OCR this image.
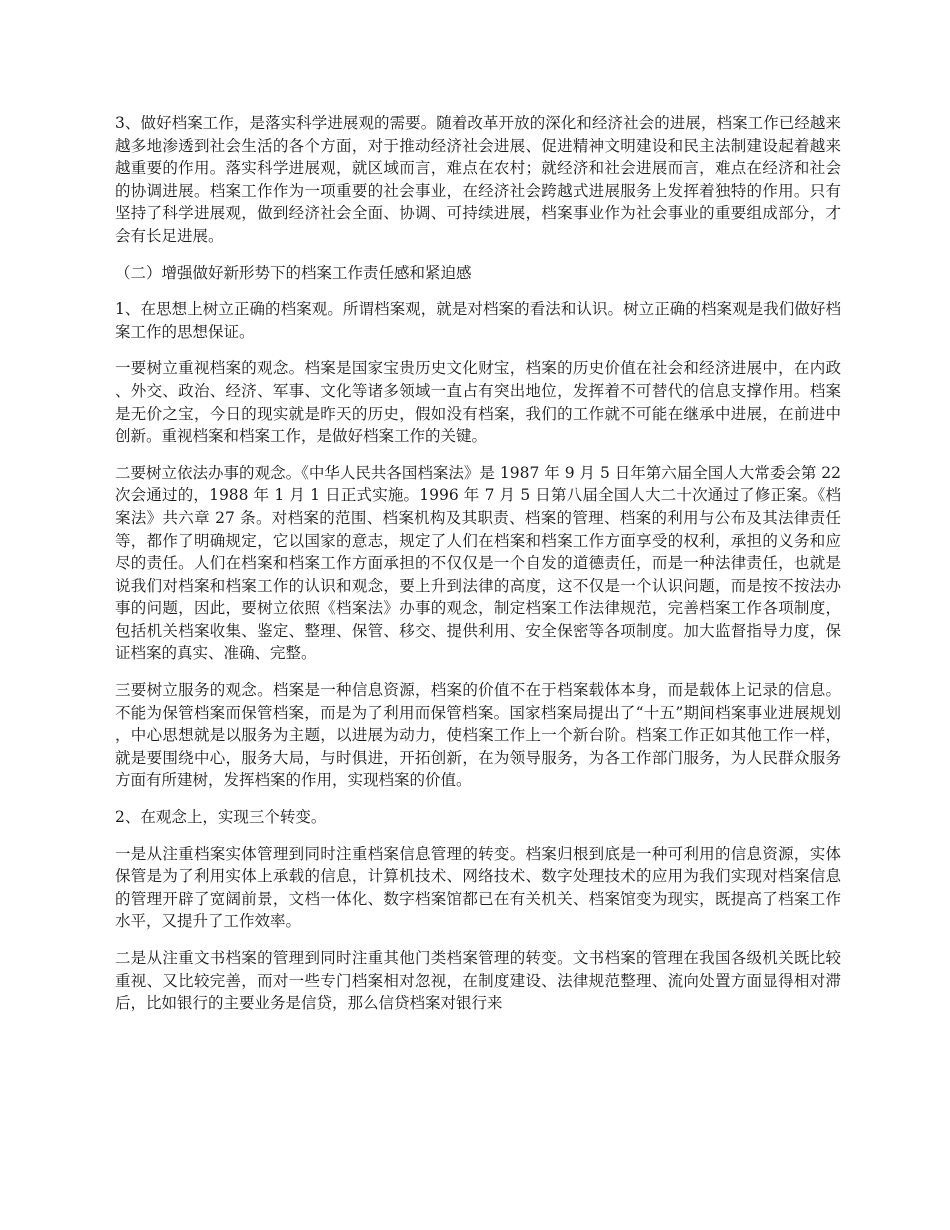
3、做好档案工作，是落实科学进展观的需要。随着改革开放的深化和经济社会的进展，档案工作已经越来越多地渗透到社会生活的各个方面，对于推动经济社会进展、促进精神文明建设和民主法制建设起着越来越重要的作用。落实科学进展观，就区域而言，难点在农村；就经济和社会进展而言，难点在经济和社会的协调进展。档案工作作为一项重要的社会事业，在经济社会跨越式进展服务上发挥着独特的作用。只有坚持了科学进展观，做到经济社会全面、协调、可持续进展，档案事业作为社会事业的重要组成部分，才会有长足进展。

（二）增强做好新形势下的档案工作责任感和紧迫感

1、在思想上树立正确的档案观。所谓档案观，就是对档案的看法和认识。树立正确的档案观是我们做好档案工作的思想保证。

一要树立重视档案的观念。档案是国家宝贵历史文化财宝，档案的历史价值在社会和经济进展中，在内政、外交、政治、经济、军事、文化等诸多领域一直占有突出地位，发挥着不可替代的信息支撑作用。档案是无价之宝，今日的现实就是昨天的历史，假如没有档案，我们的工作就不可能在继承中进展，在前进中创新。重视档案和档案工作，是做好档案工作的关键。

二要树立依法办事的观念。《中华人民共各国档案法》是 1987 年 9 月 5 日年第六届全国人大常委会第 22 次会通过的，1988 年 1 月 1 日正式实施。1996 年 7 月 5 日第八届全国人大二十次通过了修正案。《档案法》共六章 27 条。对档案的范围、档案机构及其职责、档案的管理、档案的利用与公布及其法律责任等，都作了明确规定，它以国家的意志，规定了人们在档案和档案工作方面享受的权利，承担的义务和应尽的责任。人们在档案和档案工作方面承担的不仅仅是一个自发的道德责任，而是一种法律责任，也就是说我们对档案和档案工作的认识和观念，要上升到法律的高度，这不仅是一个认识问题，而是按不按法办事的问题，因此，要树立依照《档案法》办事的观念，制定档案工作法律规范，完善档案工作各项制度，包括机关档案收集、鉴定、整理、保管、移交、提供利用、安全保密等各项制度。加大监督指导力度，保证档案的真实、准确、完整。

三要树立服务的观念。档案是一种信息资源，档案的价值不在于档案载体本身，而是载体上记录的信息。不能为保管档案而保管档案，而是为了利用而保管档案。国家档案局提出了“十五”期间档案事业进展规划，中心思想就是以服务为主题，以进展为动力，使档案工作上一个新台阶。档案工作正如其他工作一样，就是要围绕中心，服务大局，与时俱进，开拓创新，在为领导服务，为各工作部门服务，为人民群众服务方面有所建树，发挥档案的作用，实现档案的价值。

2、在观念上，实现三个转变。

一是从注重档案实体管理到同时注重档案信息管理的转变。档案归根到底是一种可利用的信息资源，实体保管是为了利用实体上承载的信息，计算机技术、网络技术、数字处理技术的应用为我们实现对档案信息的管理开辟了宽阔前景，文档一体化、数字档案馆都已在有关机关、档案馆变为现实，既提高了档案工作水平，又提升了工作效率。

二是从注重文书档案的管理到同时注重其他门类档案管理的转变。文书档案的管理在我国各级机关既比较重视、又比较完善，而对一些专门档案相对忽视，在制度建设、法律规范整理、流向处置方面显得相对滞后，比如银行的主要业务是信贷，那么信贷档案对银行来
